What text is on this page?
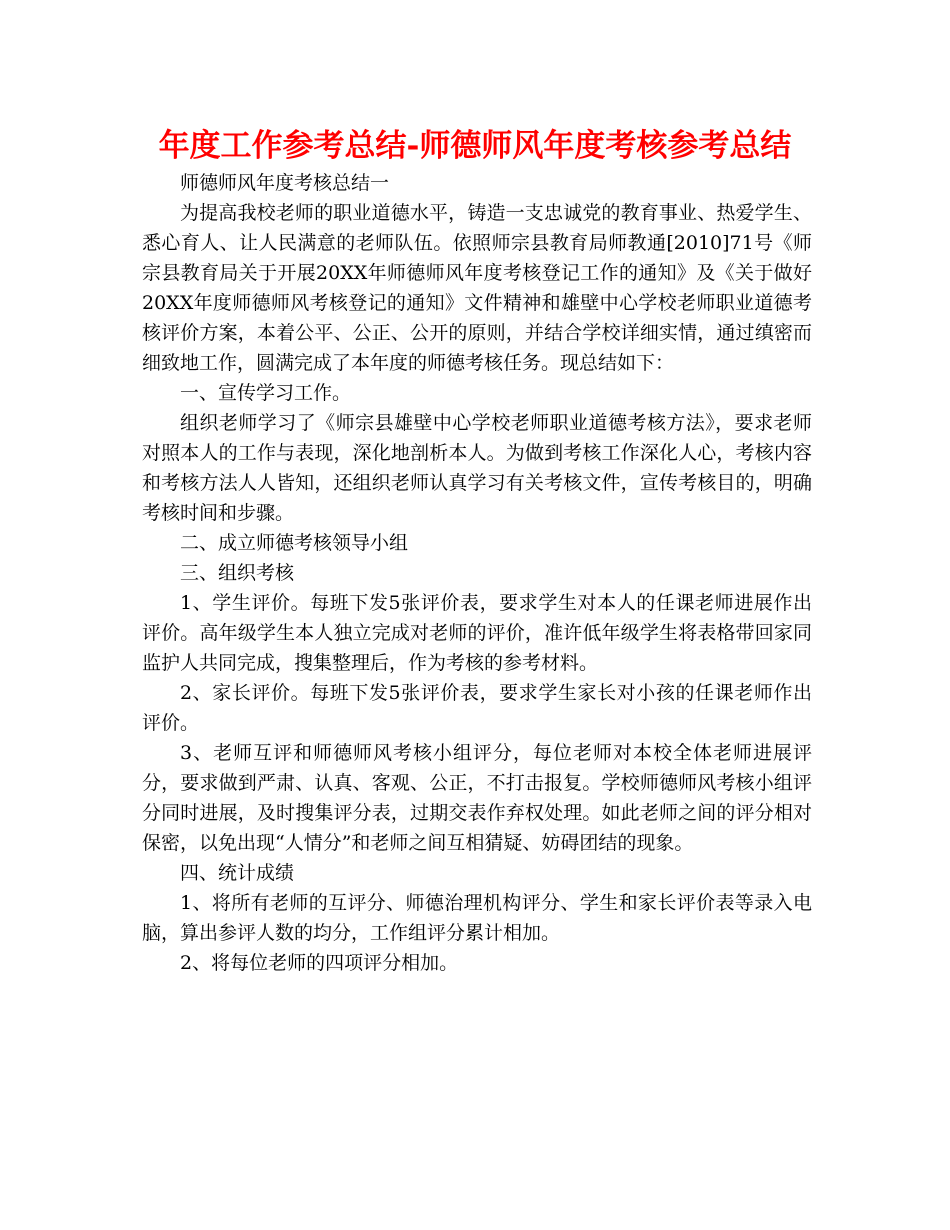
年度工作参考总结-师德师风年度考核参考总结

师德师风年度考核总结一

为提高我校老师的职业道德水平，铸造一支忠诚党的教育事业、热爱学生、悉心育人、让人民满意的老师队伍。依照师宗县教育局师教通[2010]71号《师宗县教育局关于开展20XX年师德师风年度考核登记工作的通知》及《关于做好20XX年度师德师风考核登记的通知》文件精神和雄壁中心学校老师职业道德考核评价方案，本着公平、公正、公开的原则，并结合学校详细实情，通过缜密而细致地工作，圆满完成了本年度的师德考核任务。现总结如下：

一、宣传学习工作。

组织老师学习了《师宗县雄壁中心学校老师职业道德考核方法》，要求老师对照本人的工作与表现，深化地剖析本人。为做到考核工作深化人心，考核内容和考核方法人人皆知，还组织老师认真学习有关考核文件，宣传考核目的，明确考核时间和步骤。

二、成立师德考核领导小组

三、组织考核

1、学生评价。每班下发5张评价表，要求学生对本人的任课老师进展作出评价。高年级学生本人独立完成对老师的评价，准许低年级学生将表格带回家同监护人共同完成，搜集整理后，作为考核的参考材料。

2、家长评价。每班下发5张评价表，要求学生家长对小孩的任课老师作出评价。

3、老师互评和师德师风考核小组评分，每位老师对本校全体老师进展评分，要求做到严肃、认真、客观、公正，不打击报复。学校师德师风考核小组评分同时进展，及时搜集评分表，过期交表作弃权处理。如此老师之间的评分相对保密，以免出现“人情分”和老师之间互相猜疑、妨碍团结的现象。

四、统计成绩

1、将所有老师的互评分、师德治理机构评分、学生和家长评价表等录入电脑，算出参评人数的均分，工作组评分累计相加。

2、将每位老师的四项评分相加。
